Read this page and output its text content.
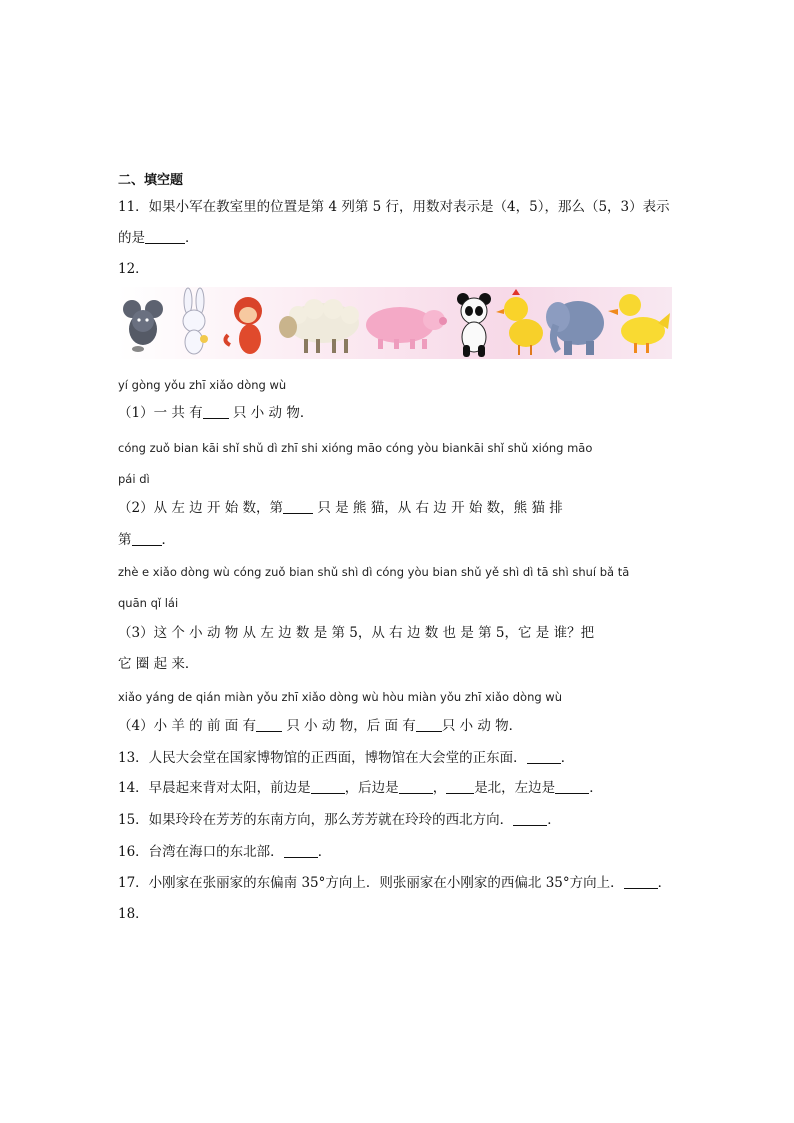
二、填空题
11．如果小军在教室里的位置是第 4 列第 5 行，用数对表示是（4，5），那么（5，3）表示
的是	．
12．
yí gòng yǒu zhī xiǎo dòng wù
（1）一 共 有 只 小 动 物．
cóng zuǒ bian kāi shǐ shǔ dì zhī shi xióng māo cóng yòu biankāi shǐ shǔ xióng māo
pái dì
（2）从 左 边 开 始 数，第	只 是 熊 猫，从 右 边 开 始 数，熊 猫 排
第 ．
zhè e xiǎo dòng wù cóng zuǒ bian shǔ shì dì cóng yòu bian shǔ yě shì dì tā shì shuí bǎ tā
quān qǐ lái
（3）这 个 小 动 物 从 左 边 数 是 第 5，从 右 边 数 也 是 第 5，它 是 谁？把
它 圈 起 来．
xiǎo yáng de qián miàn yǒu zhī xiǎo dòng wù hòu miàn yǒu zhī xiǎo dòng wù
（4）小 羊 的 前 面 有 只 小 动 物，后 面 有 只 小 动 物．
13．人民大会堂在国家博物馆的正西面，博物馆在大会堂的正东面．	．
14．早晨起来背对太阳，前边是	，后边是	， 是北，左边是	．
15．如果玲玲在芳芳的东南方向，那么芳芳就在玲玲的西北方向．	．
16．台湾在海口的东北部．	．
17．小刚家在张丽家的东偏南 35°方向上．则张丽家在小刚家的西偏北 35°方向上．	．
18．
